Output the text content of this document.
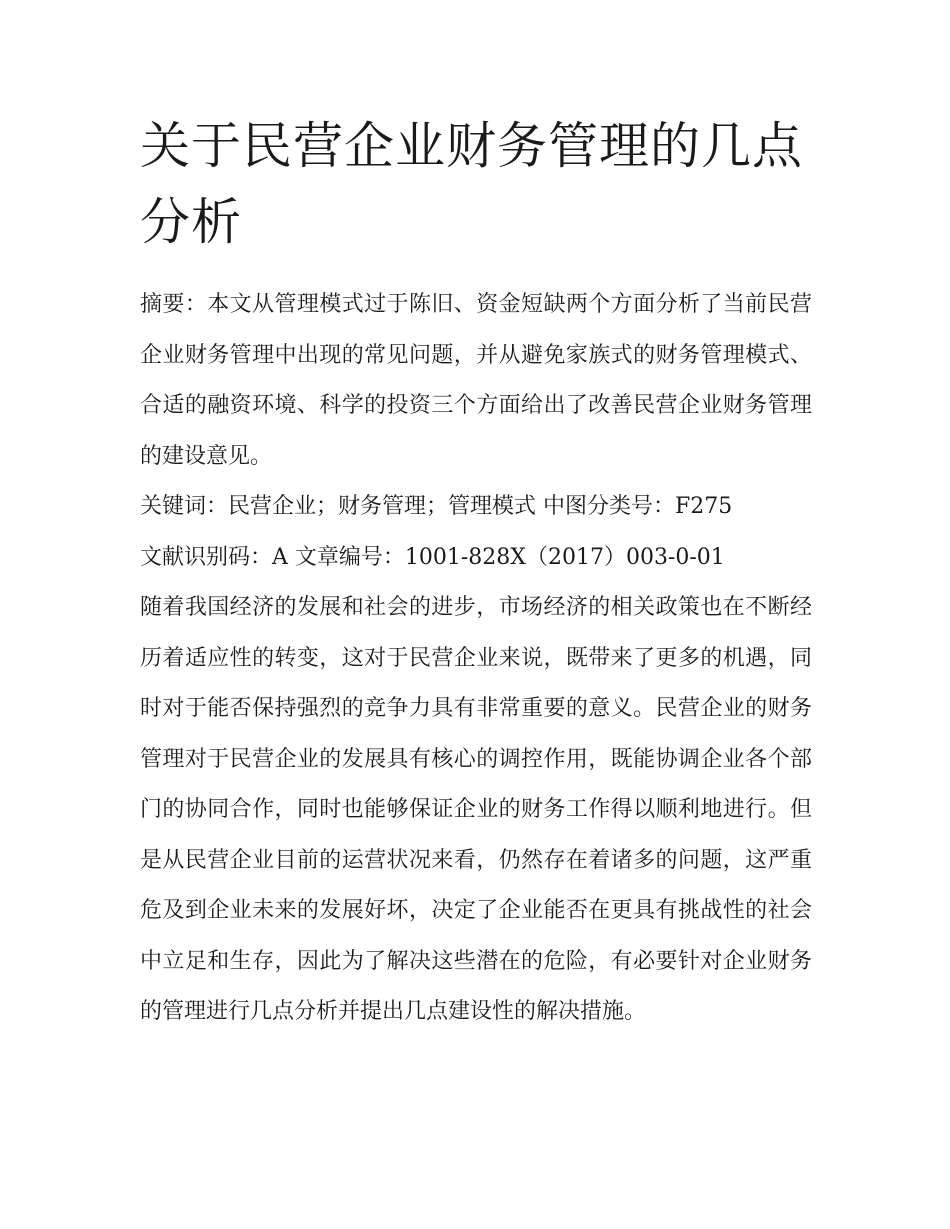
关于民营企业财务管理的几点分析

摘要：本文从管理模式过于陈旧、资金短缺两个方面分析了当前民营企业财务管理中出现的常见问题，并从避免家族式的财务管理模式、合适的融资环境、科学的投资三个方面给出了改善民营企业财务管理的建设意见。

关键词：民营企业；财务管理；管理模式 中图分类号：F275

文献识别码：A 文章编号：1001-828X（2017）003-0-01

随着我国经济的发展和社会的进步，市场经济的相关政策也在不断经历着适应性的转变，这对于民营企业来说，既带来了更多的机遇，同时对于能否保持强烈的竞争力具有非常重要的意义。民营企业的财务管理对于民营企业的发展具有核心的调控作用，既能协调企业各个部门的协同合作，同时也能够保证企业的财务工作得以顺利地进行。但是从民营企业目前的运营状况来看，仍然存在着诸多的问题，这严重危及到企业未来的发展好坏，决定了企业能否在更具有挑战性的社会中立足和生存，因此为了解决这些潜在的危险，有必要针对企业财务的管理进行几点分析并提出几点建设性的解决措施。
